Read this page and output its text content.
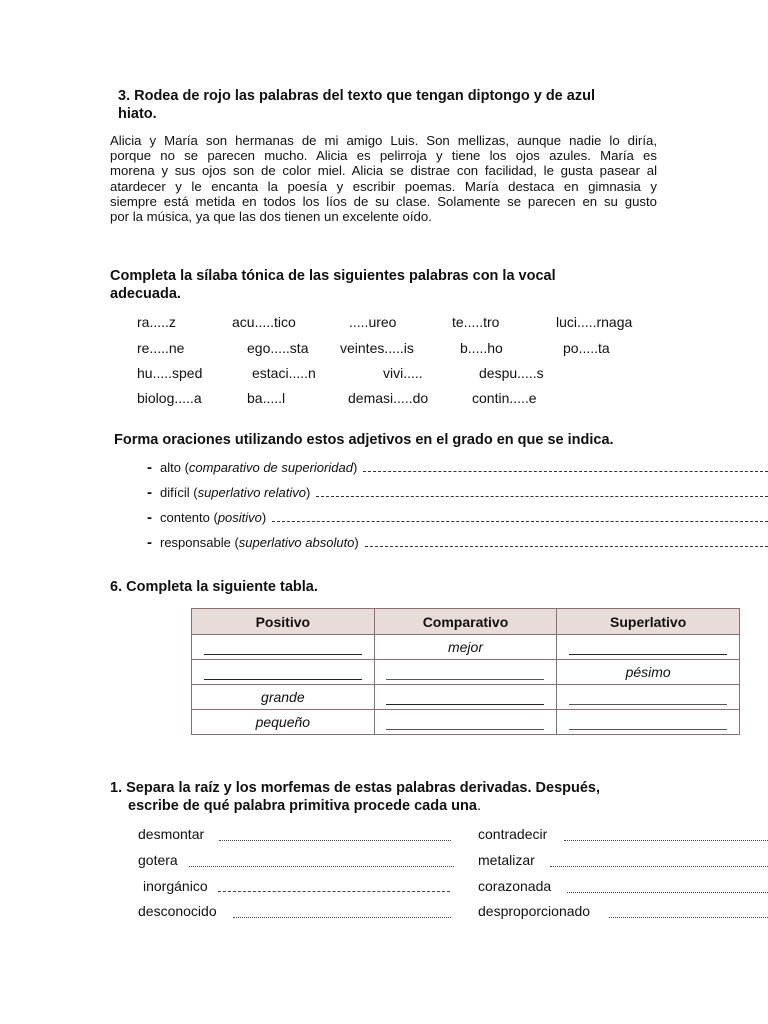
3. Rodea de rojo las palabras del texto que tengan diptongo y de azul
hiato.
Alicia y María son hermanas de mi amigo Luis. Son mellizas, aunque nadie lo diría,
porque no se parecen mucho. Alicia es pelirroja y tiene los ojos azules. María es
morena y sus ojos son de color miel. Alicia se distrae con facilidad, le gusta pasear al
atardecer y le encanta la poesía y escribir poemas. María destaca en gimnasia y
siempre está metida en todos los líos de su clase. Solamente se parecen en su gusto
por la música, ya que las dos tienen un excelente oído.
Completa la sílaba tónica de las siguientes palabras con la vocal
adecuada.
ra.....z	acu.....tico	.....ureo	te.....tro	luci.....rnaga
re.....ne	ego.....sta veintes.....is	b.....ho	po.....ta
hu.....sped	estaci.....n	vivi.....	despu.....s
biolog.....a	ba.....l	demasi.....do	contin.....e
Forma oraciones utilizando estos adjetivos en el grado en que se indica.
- alto (comparativo de superioridad)
- difícil (superlativo relativo)
- contento (positivo)
- responsable (superlativo absoluto)
6. Completa la siguiente tabla.
Positivo	Comparativo	Superlativo
	mejor	
		pésimo
grande		
pequeño		
1. Separa la raíz y los morfemas de estas palabras derivadas. Después,
escribe de qué palabra primitiva procede cada una.
desmontar	contradecir
gotera	metalizar
inorgánico	corazonada
desconocido	desproporcionado
